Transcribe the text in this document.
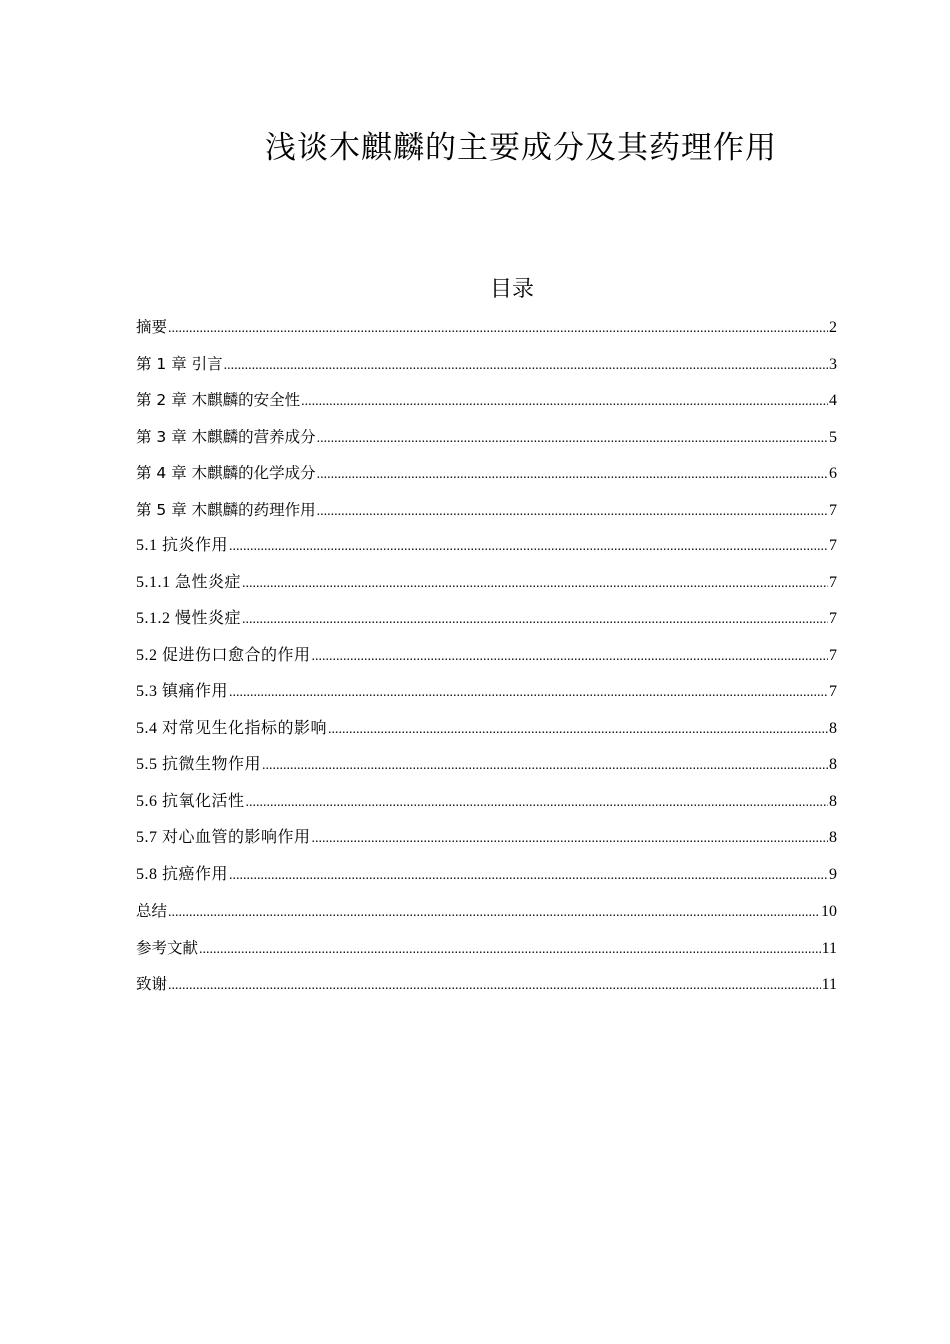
浅谈木麒麟的主要成分及其药理作用
目录
摘要 .....	2
第 1 章 引言 .....	3
第 2 章 木麒麟的安全性 .....	4
第 3 章 木麒麟的营养成分 .....	5
第 4 章 木麒麟的化学成分 .....	6
第 5 章 木麒麟的药理作用 .....	7
5.1 抗炎作用 .....	7
5.1.1 急性炎症 .....	7
5.1.2 慢性炎症 .....	7
5.2 促进伤口愈合的作用 .....	7
5.3 镇痛作用 .....	7
5.4 对常见生化指标的影响 .....	8
5.5 抗微生物作用 .....	8
5.6 抗氧化活性 .....	8
5.7 对心血管的影响作用 .....	8
5.8 抗癌作用 .....	9
总结 .....	10
参考文献 .....	11
致谢 .....	11
